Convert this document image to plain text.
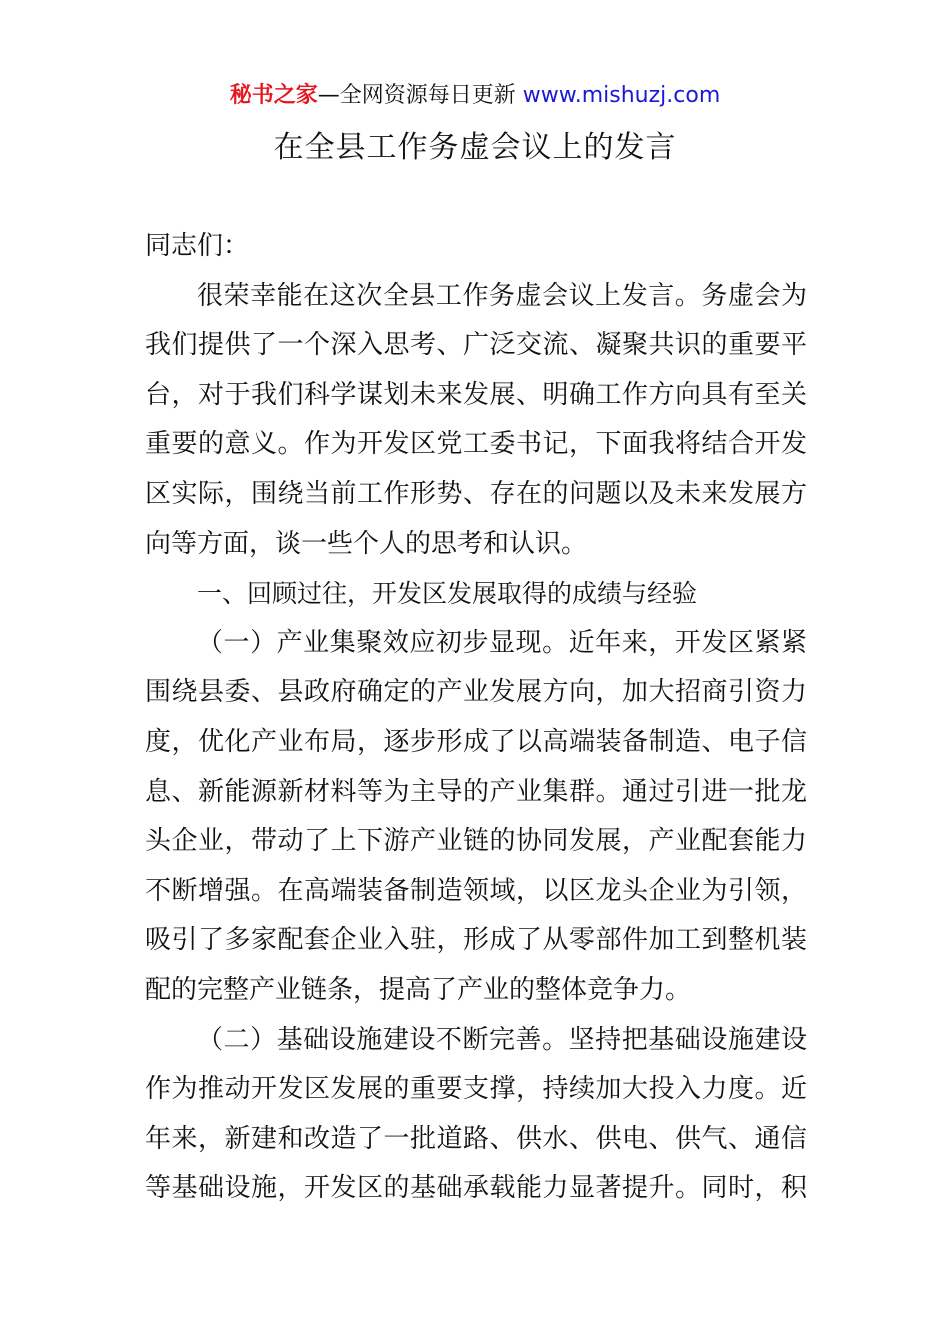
秘书之家—全网资源每日更新 www.mishuzj.com
在全县工作务虚会议上的发言
同志们：
很荣幸能在这次全县工作务虚会议上发言。务虚会为
我们提供了一个深入思考、广泛交流、凝聚共识的重要平
台，对于我们科学谋划未来发展、明确工作方向具有至关
重要的意义。作为开发区党工委书记，下面我将结合开发
区实际，围绕当前工作形势、存在的问题以及未来发展方
向等方面，谈一些个人的思考和认识。
一、回顾过往，开发区发展取得的成绩与经验
（一）产业集聚效应初步显现。近年来，开发区紧紧
围绕县委、县政府确定的产业发展方向，加大招商引资力
度，优化产业布局，逐步形成了以高端装备制造、电子信
息、新能源新材料等为主导的产业集群。通过引进一批龙
头企业，带动了上下游产业链的协同发展，产业配套能力
不断增强。在高端装备制造领域，以区龙头企业为引领，
吸引了多家配套企业入驻，形成了从零部件加工到整机装
配的完整产业链条，提高了产业的整体竞争力。
（二）基础设施建设不断完善。坚持把基础设施建设
作为推动开发区发展的重要支撑，持续加大投入力度。近
年来，新建和改造了一批道路、供水、供电、供气、通信
等基础设施，开发区的基础承载能力显著提升。同时，积
